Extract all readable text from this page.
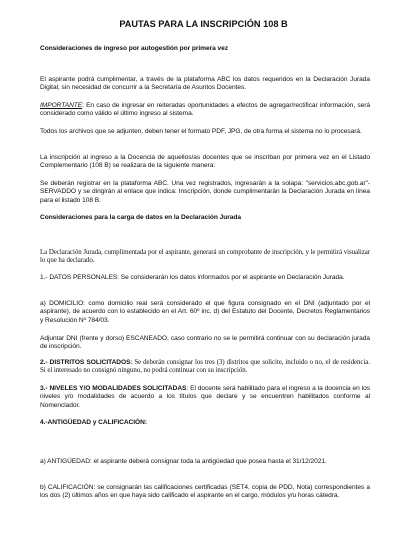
PAUTAS PARA LA INSCRIPCIÓN 108 B

Consideraciones de ingreso por autogestión por primera vez

El aspirante podrá cumplimentar, a través de la plataforma ABC los datos requeridos en la Declaración Jurada Digital, sin necesidad de concurrir a la Secretaría de Asuntos Docentes.

IMPORTANTE: En caso de ingresar en reiteradas oportunidades a efectos de agregar/rectificar información, será considerado como válido el último ingreso al sistema.

Todos los archivos que se adjunten, deben tener el formato PDF, JPG, de otra forma el sistema no lo procesará.

La inscripción al ingreso a la Docencia de aquellos/as docentes que se inscriban por primera vez en el Listado Complementario (108 B) se realizara de la siguiente manera:

Se deberán registrar en la plataforma ABC. Una vez registrados, ingresarán a la solapa: "servicios.abc.gob.ar"- SERVADDO y se dirigirán al enlace que indica: Inscripción, donde cumplimentarán la Declaración Jurada en línea para el listado 108 B.

Consideraciones para la carga de datos en la Declaración Jurada

La Declaración Jurada, cumplimentada por el aspirante, generará un comprobante de inscripción, y le permitirá visualizar lo que ha declarado.

1.- DATOS PERSONALES: Se considerarán los datos informados por el aspirante en Declaración Jurada.

a) DOMICILIO: como domicilio real será considerado el que figura consignado en el DNI (adjuntado por el aspirante), de acuerdo con lo establecido en el Art. 60º inc. d) del Estatuto del Docente, Decretos Reglamentarios y Resolución Nº 784/03.

Adjuntar DNI (frente y dorso) ESCANEADO, caso contrario no se le permitirá continuar con su declaración jurada de inscripción.

2.- DISTRITOS SOLICITADOS: Se deberán consignar los tres (3) distritos que solicite, incluido o no, el de residencia. Si el interesado no consignó ninguno, no podrá continuar con su inscripción.

3.- NIVELES Y/O MODALIDADES SOLICITADAS: El docente será habilitado para el ingreso a la docencia en los niveles y/o modalidades de acuerdo a los títulos que declare y se encuentren habilitados conforme al Nomenclador.

4.-ANTIGÜEDAD y CALIFICACIÓN:

a) ANTIGÜEDAD: el aspirante deberá consignar toda la antigüedad que posea hasta el 31/12/2021.

b) CALIFICACIÓN: se consignarán las calificaciones certificadas (SET4, copia de PDD, Nota) correspondientes a los dos (2) últimos años en que haya sido calificado el aspirante en el cargo, módulos y/u horas cátedra.
